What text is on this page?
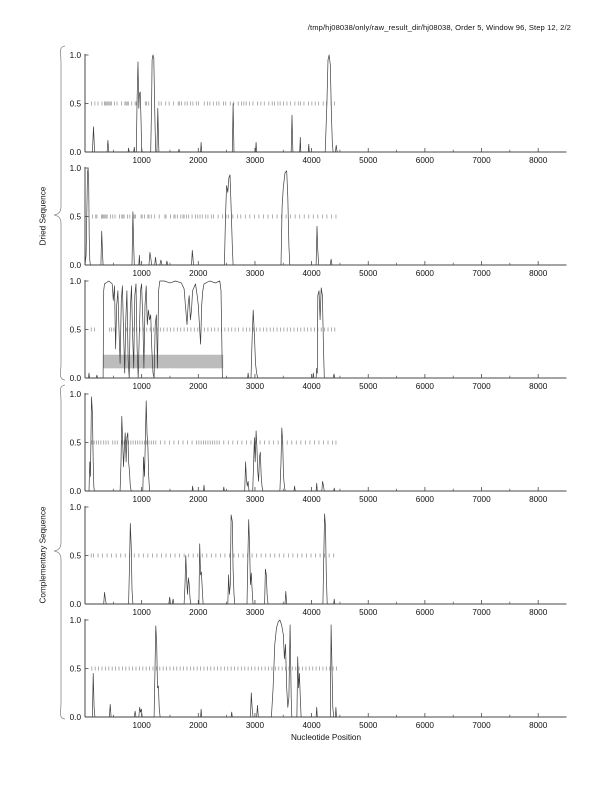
/tmp/hj08038/only/raw_result_dir/hj08038, Order 5, Window 96, Step 12, 2/2
Dried Sequence
Complementary Sequence
0.0
0.5
1.0
1000	2000	3000	4000	5000	6000	7000	8000
0.0
0.5
1.0
1000	2000	3000	4000	5000	6000	7000	8000
0.0
0.5
1.0
1000	2000	3000	4000	5000	6000	7000	8000
0.0
0.5
1.0
1000	2000	3000	4000	5000	6000	7000	8000
0.0
0.5
1.0
1000	2000	3000	4000	5000	6000	7000	8000
0.0
0.5
1.0
1000	2000	3000	4000	5000	6000	7000	8000
Nucleotide Position
